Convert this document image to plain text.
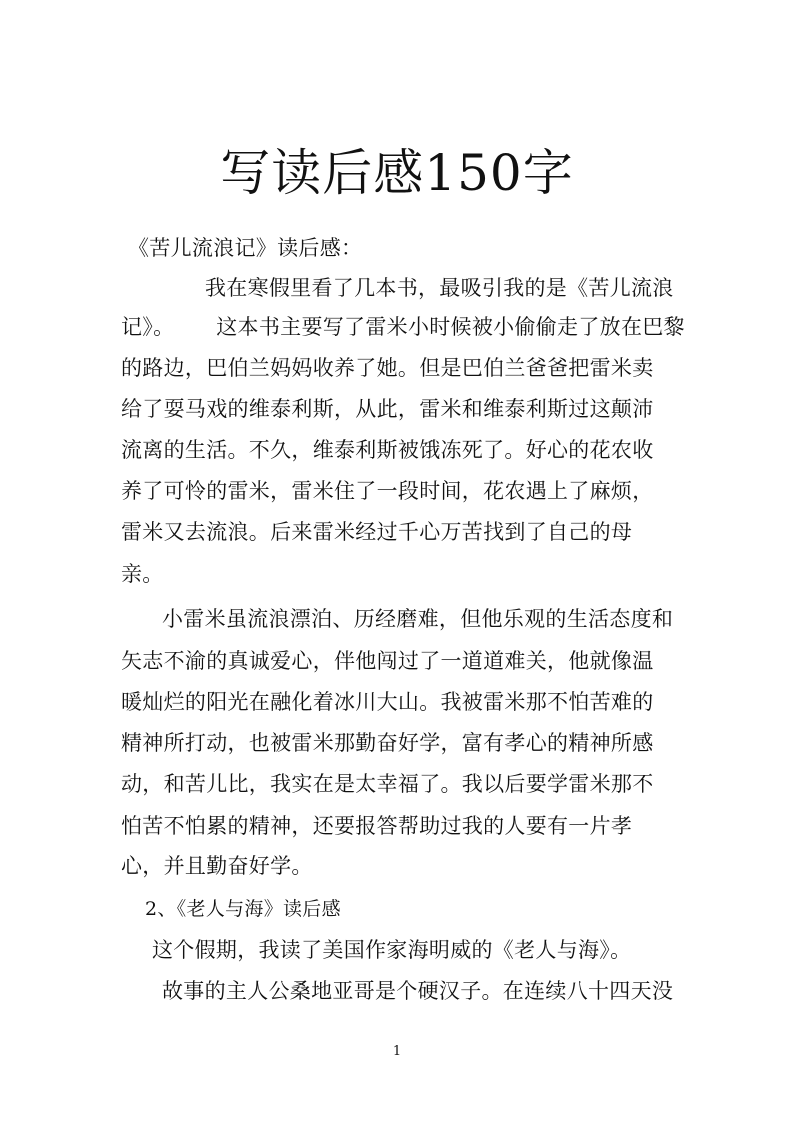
写读后感150字

《苦儿流浪记》读后感：

我在寒假里看了几本书，最吸引我的是《苦儿流浪

记》。      这本书主要写了雷米小时候被小偷偷走了放在巴黎

的路边，巴伯兰妈妈收养了她。但是巴伯兰爸爸把雷米卖

给了耍马戏的维泰利斯，从此，雷米和维泰利斯过这颠沛

流离的生活。不久，维泰利斯被饿冻死了。好心的花农收

养了可怜的雷米，雷米住了一段时间，花农遇上了麻烦，

雷米又去流浪。后来雷米经过千心万苦找到了自己的母

亲。

小雷米虽流浪漂泊、历经磨难，但他乐观的生活态度和

矢志不渝的真诚爱心，伴他闯过了一道道难关，他就像温

暖灿烂的阳光在融化着冰川大山。我被雷米那不怕苦难的

精神所打动，也被雷米那勤奋好学，富有孝心的精神所感

动，和苦儿比，我实在是太幸福了。我以后要学雷米那不

怕苦不怕累的精神，还要报答帮助过我的人要有一片孝

心，并且勤奋好学。

2、《老人与海》读后感

这个假期，我读了美国作家海明威的《老人与海》。

故事的主人公桑地亚哥是个硬汉子。在连续八十四天没

1
